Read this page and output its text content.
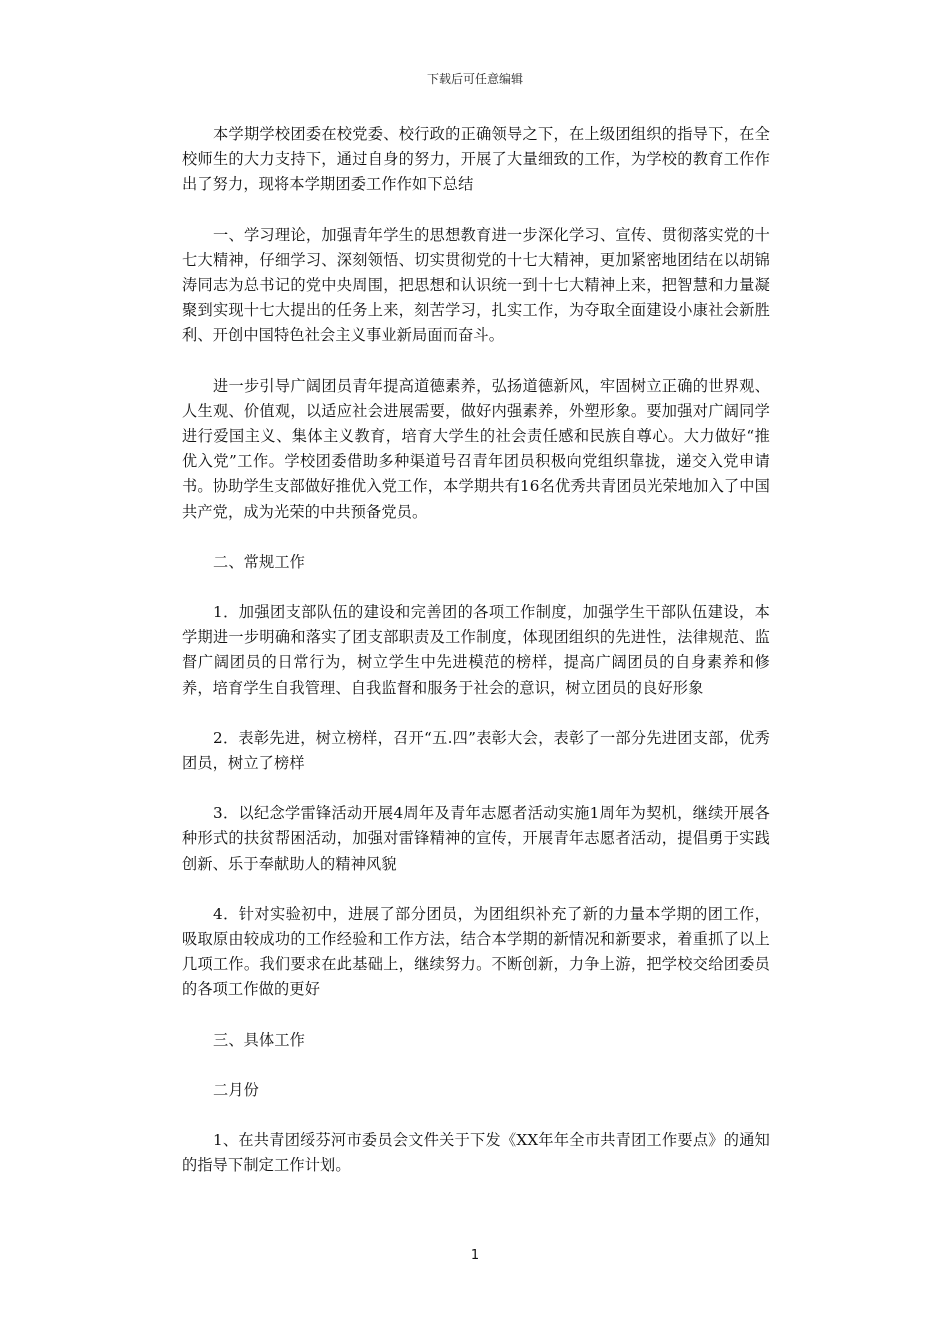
下载后可任意编辑

本学期学校团委在校党委、校行政的正确领导之下，在上级团组织的指导下，在全校师生的大力支持下，通过自身的努力，开展了大量细致的工作，为学校的教育工作作出了努力，现将本学期团委工作作如下总结

一、学习理论，加强青年学生的思想教育进一步深化学习、宣传、贯彻落实党的十七大精神，仔细学习、深刻领悟、切实贯彻党的十七大精神，更加紧密地团结在以胡锦涛同志为总书记的党中央周围，把思想和认识统一到十七大精神上来，把智慧和力量凝聚到实现十七大提出的任务上来，刻苦学习，扎实工作，为夺取全面建设小康社会新胜利、开创中国特色社会主义事业新局面而奋斗。

进一步引导广阔团员青年提高道德素养，弘扬道德新风，牢固树立正确的世界观、人生观、价值观，以适应社会进展需要，做好内强素养，外塑形象。要加强对广阔同学进行爱国主义、集体主义教育，培育大学生的社会责任感和民族自尊心。大力做好“推优入党”工作。学校团委借助多种渠道号召青年团员积极向党组织靠拢，递交入党申请书。协助学生支部做好推优入党工作，本学期共有16名优秀共青团员光荣地加入了中国共产党，成为光荣的中共预备党员。

二、常规工作

1．加强团支部队伍的建设和完善团的各项工作制度，加强学生干部队伍建设，本学期进一步明确和落实了团支部职责及工作制度，体现团组织的先进性，法律规范、监督广阔团员的日常行为，树立学生中先进模范的榜样，提高广阔团员的自身素养和修养，培育学生自我管理、自我监督和服务于社会的意识，树立团员的良好形象

2．表彰先进，树立榜样，召开“五.四”表彰大会，表彰了一部分先进团支部，优秀团员，树立了榜样

3．以纪念学雷锋活动开展4周年及青年志愿者活动实施1周年为契机，继续开展各种形式的扶贫帮困活动，加强对雷锋精神的宣传，开展青年志愿者活动，提倡勇于实践创新、乐于奉献助人的精神风貌

4．针对实验初中，进展了部分团员，为团组织补充了新的力量本学期的团工作，吸取原由较成功的工作经验和工作方法，结合本学期的新情况和新要求，着重抓了以上几项工作。我们要求在此基础上，继续努力。不断创新，力争上游，把学校交给团委员的各项工作做的更好

三、具体工作

二月份

1、在共青团绥芬河市委员会文件关于下发《XX年年全市共青团工作要点》的通知的指导下制定工作计划。

1
